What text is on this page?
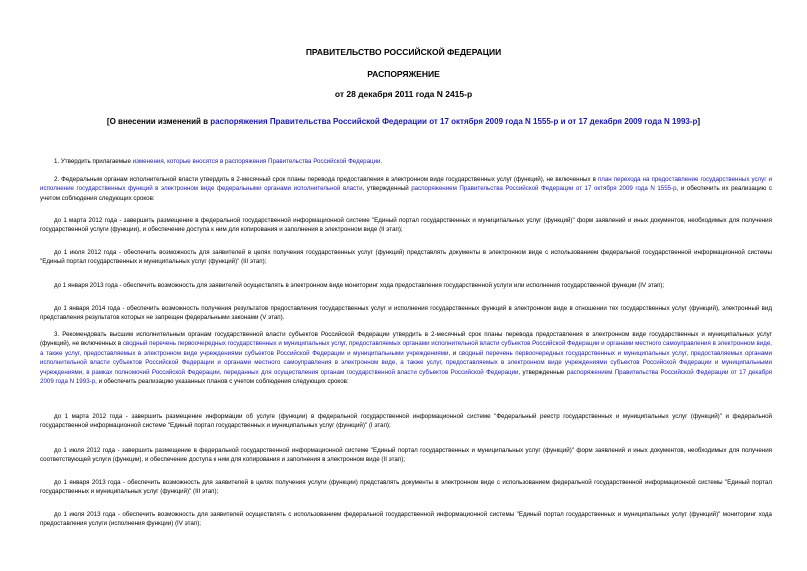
ПРАВИТЕЛЬСТВО РОССИЙСКОЙ ФЕДЕРАЦИИ
РАСПОРЯЖЕНИЕ
от 28 декабря 2011 года N 2415-р
[О внесении изменений в распоряжения Правительства Российской Федерации от 17 октября 2009 года N 1555-р и от 17 декабря 2009 года N 1993-р]
1. Утвердить прилагаемые изменения, которые вносятся в распоряжения Правительства Российской Федерации.
2. Федеральным органам исполнительной власти утвердить в 2-месячный срок планы перевода предоставления в электронном виде государственных услуг (функций), не включенных в план перехода на предоставление государственных услуг и исполнение государственных функций в электронном виде федеральными органами исполнительной власти, утвержденный распоряжением Правительства Российской Федерации от 17 октября 2009 года N 1555-р, и обеспечить их реализацию с учетом соблюдения следующих сроков:
до 1 марта 2012 года - завершить размещение в федеральной государственной информационной системе "Единый портал государственных и муниципальных услуг (функций)" форм заявлений и иных документов, необходимых для получения государственной услуги (функции), и обеспечение доступа к ним для копирования и заполнения в электронном виде (II этап);
до 1 июля 2012 года - обеспечить возможность для заявителей в целях получения государственных услуг (функций) представлять документы в электронном виде с использованием федеральной государственной информационной системы "Единый портал государственных и муниципальных услуг (функций)" (III этап);
до 1 января 2013 года - обеспечить возможность для заявителей осуществлять в электронном виде мониторинг хода предоставления государственной услуги или исполнения государственной функции (IV этап);
до 1 января 2014 года - обеспечить возможность получения результатов предоставления государственных услуг и исполнения государственных функций в электронном виде в отношении тех государственных услуг (функций), электронный вид представления результатов которых не запрещен федеральными законами (V этап).
3. Рекомендовать высшим исполнительным органам государственной власти субъектов Российской Федерации утвердить в 2-месячный срок планы перевода предоставления в электронном виде государственных и муниципальных услуг (функций), не включенных в сводный перечень первоочередных государственных и муниципальных услуг, предоставляемых органами исполнительной власти субъектов Российской Федерации и органами местного самоуправления в электронном виде, а также услуг, предоставляемых в электронном виде учреждениями субъектов Российской Федерации и муниципальными учреждениями, и сводный перечень первоочередных государственных и муниципальных услуг, предоставляемых органами исполнительной власти субъектов Российской Федерации и органами местного самоуправления в электронном виде, а также услуг, предоставляемых в электронном виде учреждениями субъектов Российской Федерации и муниципальными учреждениями, в рамках полномочий Российской Федерации, переданных для осуществления органам государственной власти субъектов Российской Федерации, утвержденные распоряжением Правительства Российской Федерации от 17 декабря 2009 года N 1993-р, и обеспечить реализацию указанных планов с учетом соблюдения следующих сроков:
до 1 марта 2012 года - завершить размещение информации об услуге (функции) в федеральной государственной информационной системе "Федеральный реестр государственных и муниципальных услуг (функций)" и федеральной государственной информационной системе "Единый портал государственных и муниципальных услуг (функций)" (I этап);
до 1 июля 2012 года - завершить размещение в федеральной государственной информационной системе "Единый портал государственных и муниципальных услуг (функций)" форм заявлений и иных документов, необходимых для получения соответствующей услуги (функции), и обеспечение доступа к ним для копирования и заполнения в электронном виде (II этап);
до 1 января 2013 года - обеспечить возможность для заявителей в целях получения услуги (функции) представлять документы в электронном виде с использованием федеральной государственной информационной системы "Единый портал государственных и муниципальных услуг (функций)" (III этап);
до 1 июля 2013 года - обеспечить возможность для заявителей осуществлять с использованием федеральной государственной информационной системы "Единый портал государственных и муниципальных услуг (функций)" мониторинг хода предоставления услуги (исполнения функции) (IV этап);
